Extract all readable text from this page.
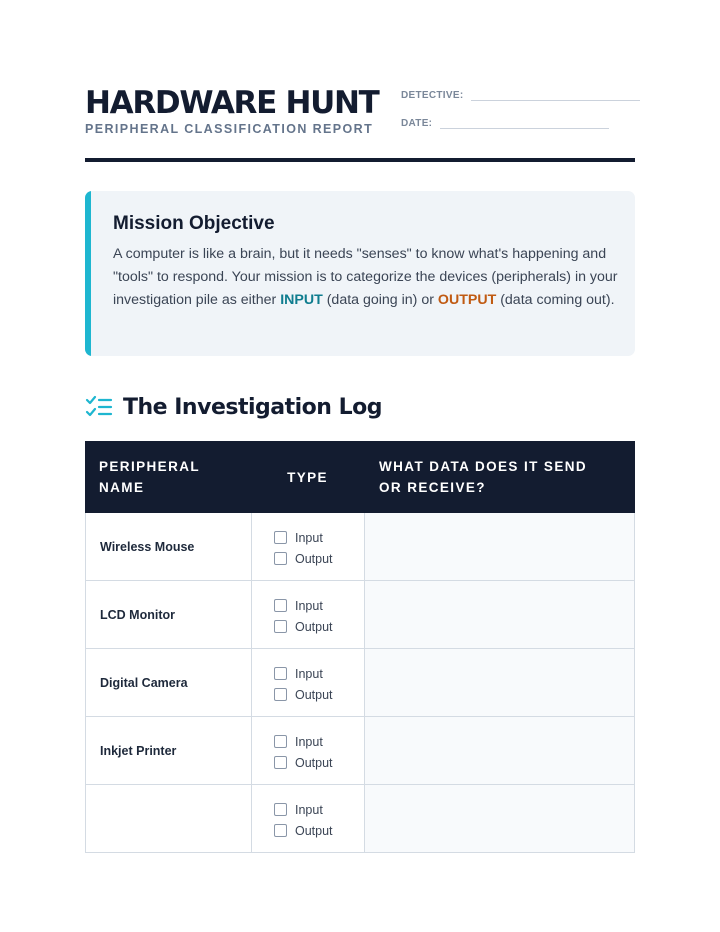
HARDWARE HUNT
PERIPHERAL CLASSIFICATION REPORT
DETECTIVE:
DATE:
Mission Objective
A computer is like a brain, but it needs "senses" to know what's happening and "tools" to respond. Your mission is to categorize the devices (peripherals) in your investigation pile as either INPUT (data going in) or OUTPUT (data coming out).
The Investigation Log
PERIPHERAL NAME
TYPE
WHAT DATA DOES IT SEND OR RECEIVE?
Wireless Mouse
Input
Output
LCD Monitor
Input
Output
Digital Camera
Input
Output
Inkjet Printer
Input
Output
Input
Output
